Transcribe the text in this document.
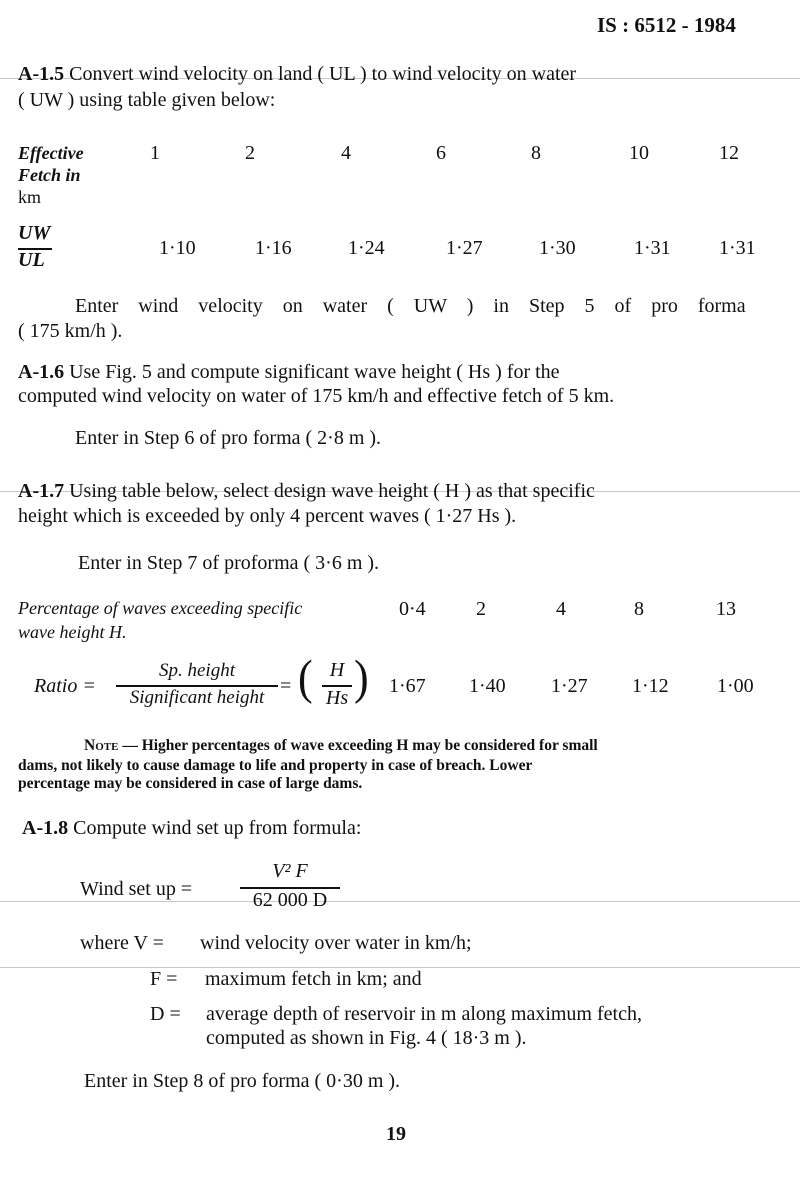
IS : 6512 - 1984
A-1.5 Convert wind velocity on land ( UL ) to wind velocity on water
( UW ) using table given below:
Effective
Fetch in
km
1	2	4	6	8	10	12
UW
UL
1·10	1·16	1·24	1·27	1·30	1·31 1·31
Enter wind velocity on water ( UW ) in Step 5 of pro forma
( 175 km/h ).
A-1.6 Use Fig. 5 and compute significant wave height ( Hs ) for the
computed wind velocity on water of 175 km/h and effective fetch of 5 km.
Enter in Step 6 of pro forma ( 2·8 m ).
A-1.7 Using table below, select design wave height ( H ) as that specific
height which is exceeded by only 4 percent waves ( 1·27 Hs ).
Enter in Step 7 of proforma ( 3·6 m ).
Percentage of waves exceeding specific
wave height H.
0·4	2	4	8	13
Ratio =
Sp. height
Significant height
= ( H
Hs ) 1·67 1·40 1·27 1·12 1·00
Note — Higher percentages of wave exceeding H may be considered for small
dams, not likely to cause damage to life and property in case of breach. Lower
percentage may be considered in case of large dams.
A-1.8 Compute wind set up from formula:
Wind set up =
V² F
62 000 D
where V = wind velocity over water in km/h;
F = maximum fetch in km; and
D = average depth of reservoir in m along maximum fetch,
computed as shown in Fig. 4 ( 18·3 m ).
Enter in Step 8 of pro forma ( 0·30 m ).
19
